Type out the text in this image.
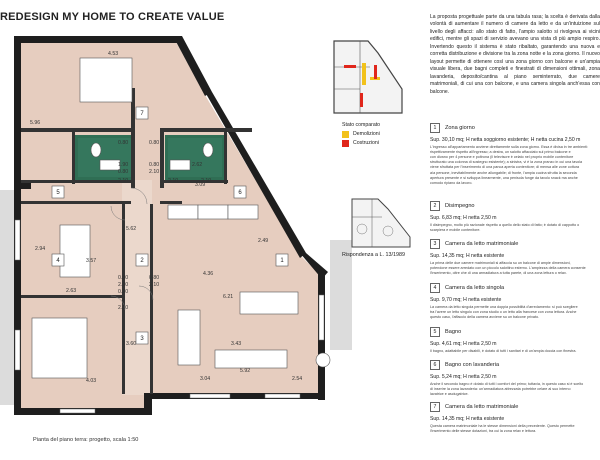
REDESIGN MY HOME TO CREATE VALUE
4.53
5.96
0.80	0.80
1.90	0.80	2.62
0.80	2.10
2.10	2.10	2.10
5.62
3.09
2.49
2.94
3.57
2.63
4.36
0.80	0.80
0.80
2.10	2.10
2.10
6.21
3.43
3.60
4.03
5.92
2.54
3.04
7
5	6
4	2
3
1
Pianta del piano terra: progetto, scala 1:50
Stato comparato
Demolizioni
Costruzioni
Rispondenza a L. 13/1989

La proposta progettuale parte da una tabula rasa; la scelta è derivata dalla volontà di aumentare il numero di camere da letto e da un'intuizione sul livello degli affacci: allo stato di fatto, l'ampio salotto si rivolgeva ai vicini edifici, mentre gli spazi di servizio avevano una vista di più ampio respiro. Invertendo questo il sistema è stato ribaltato, garantendo una nuova e corretta distribuzione e divisione tra la zona notte e la zona giorno. Il nuovo layout permette di ottenere così una zona giorno con balcone e un'ampia visuale libera, due bagni completi e finestrati di dimensioni ottimali, zona lavanderia, deposito/cantina al piano seminterrato, due camere matrimoniali, di cui una con balcone, e una camera singola anch'essa con balcone.

1	Zona giorno
Sup. 30,10 mq; H netta soggiorno esistente; H netta cucina 2,50 m
L'ingresso all'appartamento avviene direttamente sulla zona giorno. Essa è divisa in tre ambienti:
rispettivamente rispetto all'ingresso; a destra, un salotto affacciato sul primo balcone e
con divano per 4 persone e poltrona (il televisore è celato nel proprio mobile contenitore
strutturato una colonna di sostegno esistente); a sinistra, vi è la zona pranzo in cui una tavola
viene sfruttata per l'inserimento di una panca aperta contenitore; di mensa alle zone cottura
a/a persone, inevitabilmente anche allungabile; di fronte, l'ampia cucina sfrutta la seconda
apertura presente e si sviluppa linearmente, una penisola funge da tavolo snack ma anche
comodo ripiano da lavoro.
2	Disimpegno
Sup. 6,83 mq; H netta 2,50 m
Il disimpegno, molto più razionale rispetto a quello dello stato di fatto; è dotato di cappotto o
scarpiera e mobile contenitore.
3	Camera da letto matrimoniale
Sup. 14,35 mq; H netta esistente
La prima delle due camere matrimoniali si affaccia su un balcone di ampie dimensioni,
potendone essere arredato con un piccolo salottino esterno. L'ampiezza della camera consente
l'inserimento, oltre che di una armadiatura a tutta parete, di una zona lettura o relax.
4	Camera da letto singola
Sup. 9,70 mq; H netta esistente
La camera da letto singola permette una doppia possibilità d'arredamento: si può scegliere
tra l'avere un letto singolo con zona studio o un letto alla francese con zona lettura. Anche
questo caso, l'affaccio della camera avviene su un balcone privato.
5	Bagno
Sup. 4,61 mq; H netta 2,50 m
Il bagno, adattabile per disabili, è dotato di tutti i sanitari e di un'ampia doccia con finestra.
6	Bagno con lavanderia
Sup. 5,24 mq; H netta 2,50 m
Anche il secondo bagno è dotato di tutti i comfort del primo; tuttavia, in questo caso si è scelto
di inserire la zona lavanderia: un'armadiatura attrezzata potrebbe celare al suo interno
lavatrice e asciugatrice.
7	Camera da letto matrimoniale
Sup. 14,35 mq; H netta esistente
Questa camera matrimoniale ha le stesse dimensioni della precedente. Questo permette
l'inserimento delle stesse dotazioni, tra cui la zona relax e lettura.
